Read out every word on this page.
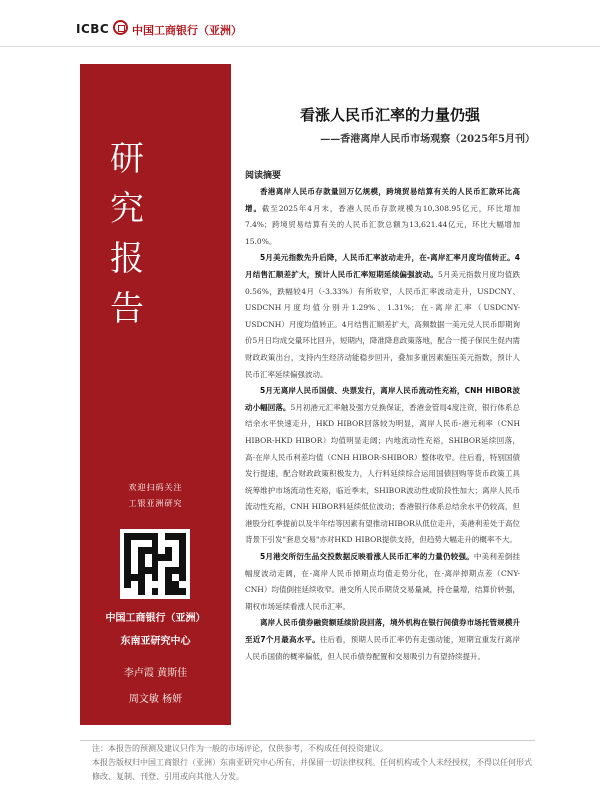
ICBC 中国工商银行（亚洲）
研究报告
欢迎扫码关注
工银亚洲研究
中国工商银行（亚洲）
东南亚研究中心
李卢霞 黄斯佳
周文敏 杨妍
看涨人民币汇率的力量仍强
——香港离岸人民币市场观察（2025年5月刊）
阅读摘要

香港离岸人民币存款量回万亿规模，跨境贸易结算有关的人民币汇款环比高增。截至2025年4月末，香港人民币存款规模为10,308.95亿元，环比增加7.4%；跨境贸易结算有关的人民币汇款总额为13,621.44亿元，环比大幅增加15.0%。

5月美元指数先升后降，人民币汇率波动走升，在-离岸汇率月度均值转正。4月结售汇顺差扩大，预计人民币汇率短期延续偏强波动。5月美元指数月度均值跌0.56%，跌幅较4月（-3.33%）有所收窄，人民币汇率波动走升，USDCNY、USDCNH月度均值分别升1.29%、1.31%；在-离岸汇率（USDCNY-USDCNH）月度均值转正。4月结售汇顺差扩大，高频数据一美元兑人民币即期询价5月日均成交量环比回升，短期内，降准降息政策落地，配合一揽子保民生促内需财政政策出台，支持内生经济动能稳步回升，叠加多重因素施压美元指数，预计人民币汇率延续偏强波动。

5月无离岸人民币国债、央票发行，离岸人民币流动性充裕，CNH HIBOR波动小幅回落。5月初港元汇率触及强方兑换保证，香港金管局4度注资，银行体系总结余水平快速走升，HKD HIBOR回落较为明显，离岸人民币-港元利率（CNH HIBOR-HKD HIBOR）均值明显走阔；内地流动性充裕，SHIBOR延续回落，高-在岸人民币利差均值（CNH HIBOR-SHIBOR）整体收窄。往后看，特别国债发行提速，配合财政政策积极发力，人行料延续综合运用国债回购等货币政策工具统筹维护市场流动性充裕，临近季末，SHIBOR波动性或阶段性加大；离岸人民币流动性充裕，CNH HIBOR料延续低位波动；香港银行体系总结余水平仍较高，但港股分红季提前以及半年结等因素有望推动HIBOR从低位走升，美港利差处于高位背景下引发"套息交易"亦对HKD HIBOR提供支持，但趋势大幅走升的概率不大。

5月港交所衍生品交投数据反映看涨人民币汇率的力量仍较强。中美利差倒挂幅度波动走阔，在-离岸人民币掉期点均值走势分化，在-离岸掉期点差（CNY-CNH）均值倒挂延续收窄。港交所人民币期货交易量减，持仓量增，结算价转强，期权市场延续看涨人民币汇率。

离岸人民币债券融资额延续阶段回落，境外机构在银行间债券市场托管规模升至近7个月最高水平。往后看，预期人民币汇率仍有走强动能，短期宜重发行离岸人民币国债的概率偏低，但人民币债券配置和交易吸引力有望持续提升。

注：本报告的预测及建议只作为一般的市场评论，仅供参考，不构成任何投资建议。
本报告版权归中国工商银行（亚洲）东南亚研究中心所有，并保留一切法律权利。任何机构或个人未经授权，不得以任何形式修改、复制、刊登、引用或向其他人分发。
